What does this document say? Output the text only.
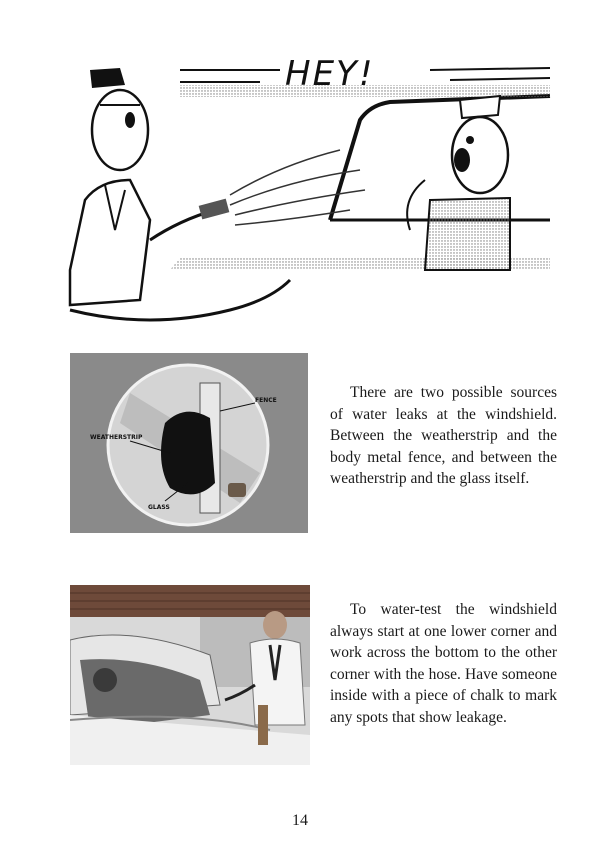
HEY!
FENCE
WEATHERSTRIP
GLASS
There are two possible sources of water leaks at the windshield. Between the weatherstrip and the body metal fence, and between the weatherstrip and the glass itself.
To water-test the windshield always start at one lower corner and work across the bottom to the other corner with the hose. Have someone inside with a piece of chalk to mark any spots that show leakage.
14
